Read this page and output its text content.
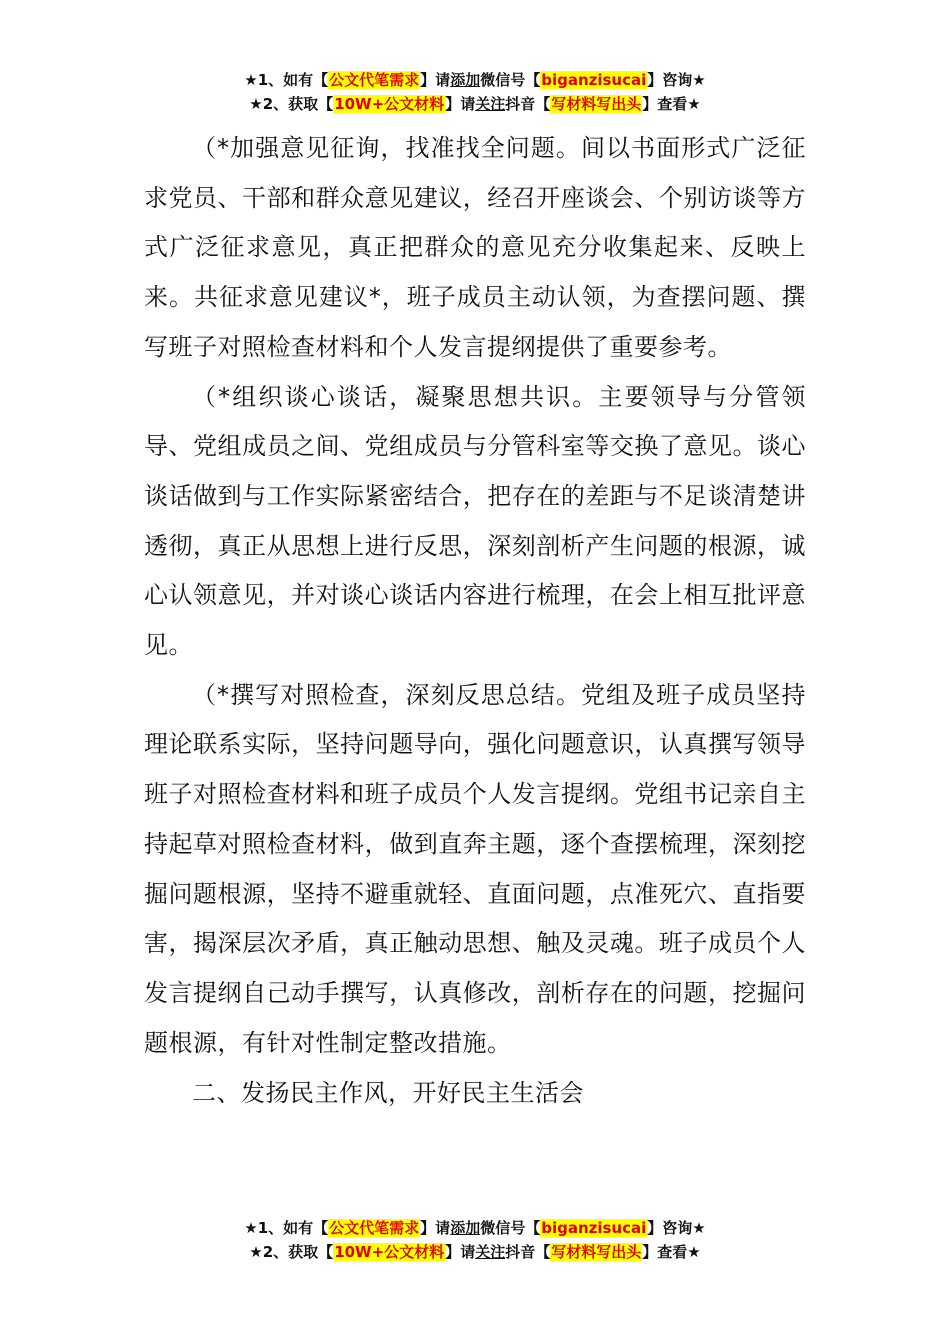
★1、如有【公文代笔需求】请添加微信号【biganzisucai】咨询★
★2、获取【10W+公文材料】请关注抖音【写材料写出头】查看★

（*加强意见征询，找准找全问题。间以书面形式广泛征求党员、干部和群众意见建议，经召开座谈会、个别访谈等方式广泛征求意见，真正把群众的意见充分收集起来、反映上来。共征求意见建议*，班子成员主动认领，为查摆问题、撰写班子对照检查材料和个人发言提纲提供了重要参考。

（*组织谈心谈话，凝聚思想共识。主要领导与分管领导、党组成员之间、党组成员与分管科室等交换了意见。谈心谈话做到与工作实际紧密结合，把存在的差距与不足谈清楚讲透彻，真正从思想上进行反思，深刻剖析产生问题的根源，诚心认领意见，并对谈心谈话内容进行梳理，在会上相互批评意见。

（*撰写对照检查，深刻反思总结。党组及班子成员坚持理论联系实际，坚持问题导向，强化问题意识，认真撰写领导班子对照检查材料和班子成员个人发言提纲。党组书记亲自主持起草对照检查材料，做到直奔主题，逐个查摆梳理，深刻挖掘问题根源，坚持不避重就轻、直面问题，点准死穴、直指要害，揭深层次矛盾，真正触动思想、触及灵魂。班子成员个人发言提纲自己动手撰写，认真修改，剖析存在的问题，挖掘问题根源，有针对性制定整改措施。

二、发扬民主作风，开好民主生活会
★1、如有【公文代笔需求】请添加微信号【biganzisucai】咨询★
★2、获取【10W+公文材料】请关注抖音【写材料写出头】查看★
